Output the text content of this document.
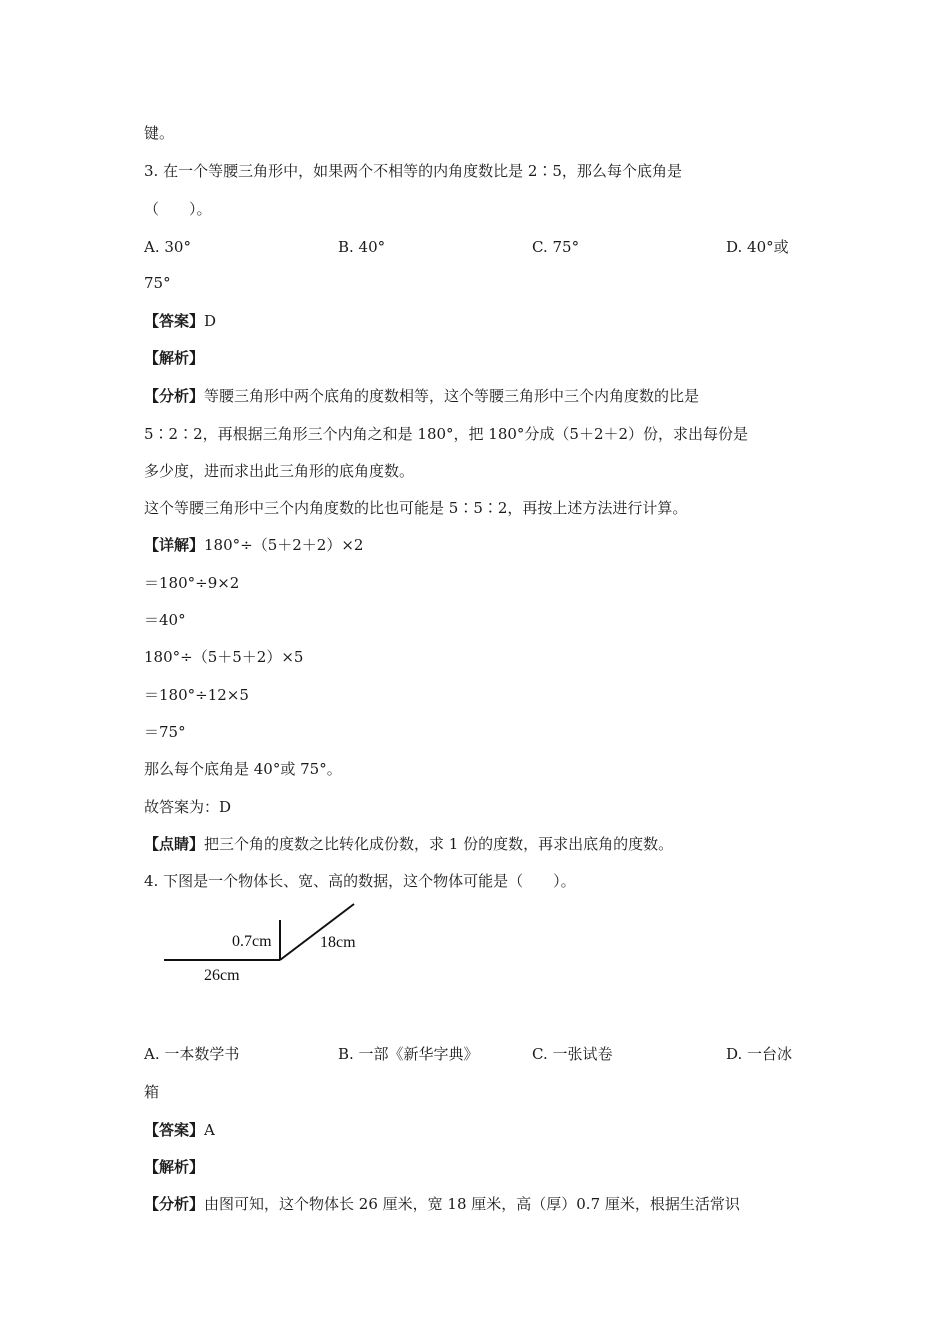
键。

3. 在一个等腰三角形中，如果两个不相等的内角度数比是 2∶5，那么每个底角是

（　　）。

A. 30°	B. 40°	C. 75°	D. 40°或

75°

【答案】D

【解析】

【分析】等腰三角形中两个底角的度数相等，这个等腰三角形中三个内角度数的比是

5∶2∶2，再根据三角形三个内角之和是 180°，把 180°分成（5＋2＋2）份，求出每份是

多少度，进而求出此三角形的底角度数。

这个等腰三角形中三个内角度数的比也可能是 5∶5∶2，再按上述方法进行计算。

【详解】180°÷（5＋2＋2）×2

＝180°÷9×2

＝40°

180°÷（5＋5＋2）×5

＝180°÷12×5

＝75°

那么每个底角是 40°或 75°。

故答案为：D

【点睛】把三个角的度数之比转化成份数，求 1 份的度数，再求出底角的度数。

4. 下图是一个物体长、宽、高的数据，这个物体可能是（　　）。

0.7cm	18cm
26cm
A. 一本数学书	B. 一部《新华字典》	C. 一张试卷	D. 一台冰

箱

【答案】A

【解析】

【分析】由图可知，这个物体长 26 厘米，宽 18 厘米，高（厚）0.7 厘米，根据生活常识
